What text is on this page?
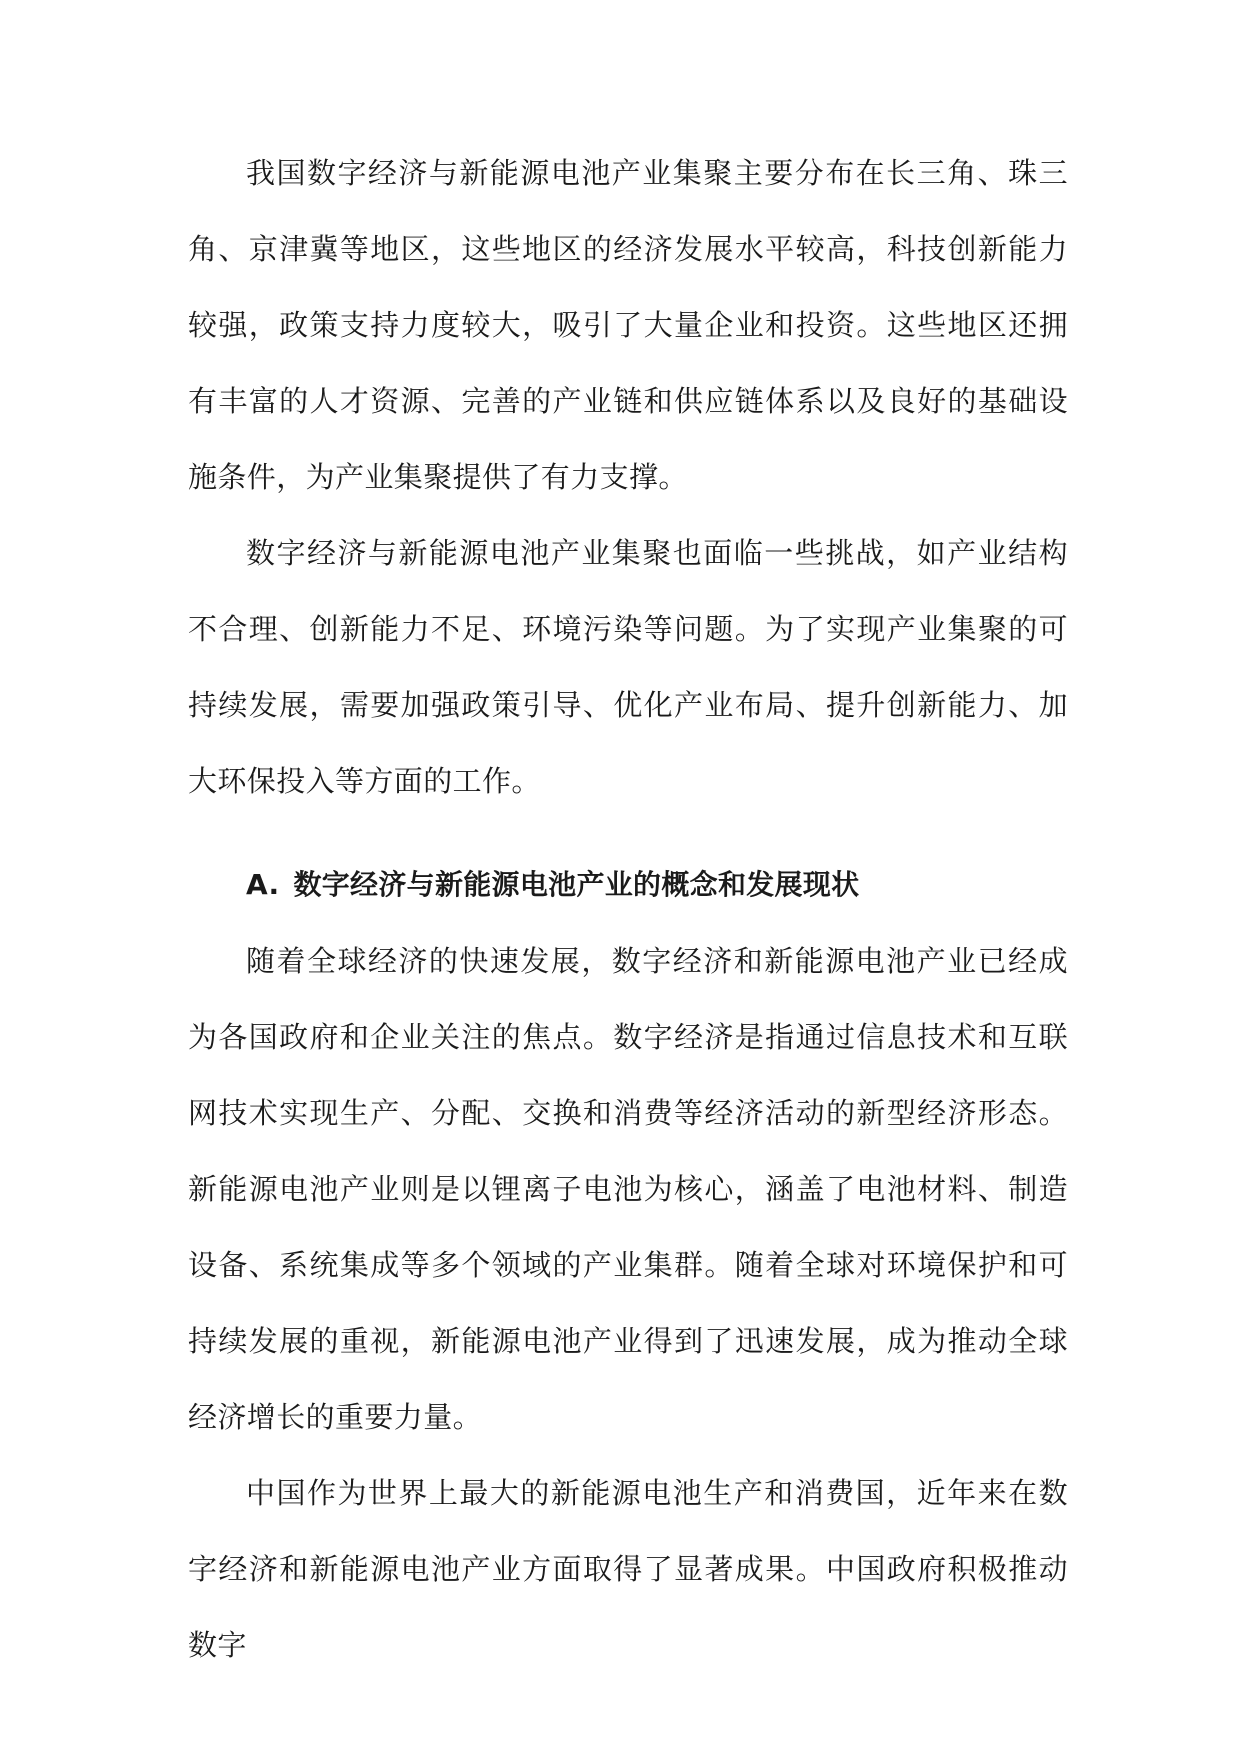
我国数字经济与新能源电池产业集聚主要分布在长三角、珠三角、京津冀等地区，这些地区的经济发展水平较高，科技创新能力较强，政策支持力度较大，吸引了大量企业和投资。这些地区还拥有丰富的人才资源、完善的产业链和供应链体系以及良好的基础设施条件，为产业集聚提供了有力支撑。

数字经济与新能源电池产业集聚也面临一些挑战，如产业结构不合理、创新能力不足、环境污染等问题。为了实现产业集聚的可持续发展，需要加强政策引导、优化产业布局、提升创新能力、加大环保投入等方面的工作。

A. 数字经济与新能源电池产业的概念和发展现状

随着全球经济的快速发展，数字经济和新能源电池产业已经成为各国政府和企业关注的焦点。数字经济是指通过信息技术和互联网技术实现生产、分配、交换和消费等经济活动的新型经济形态。新能源电池产业则是以锂离子电池为核心，涵盖了电池材料、制造设备、系统集成等多个领域的产业集群。随着全球对环境保护和可持续发展的重视，新能源电池产业得到了迅速发展，成为推动全球经济增长的重要力量。

中国作为世界上最大的新能源电池生产和消费国，近年来在数字经济和新能源电池产业方面取得了显著成果。中国政府积极推动数字
